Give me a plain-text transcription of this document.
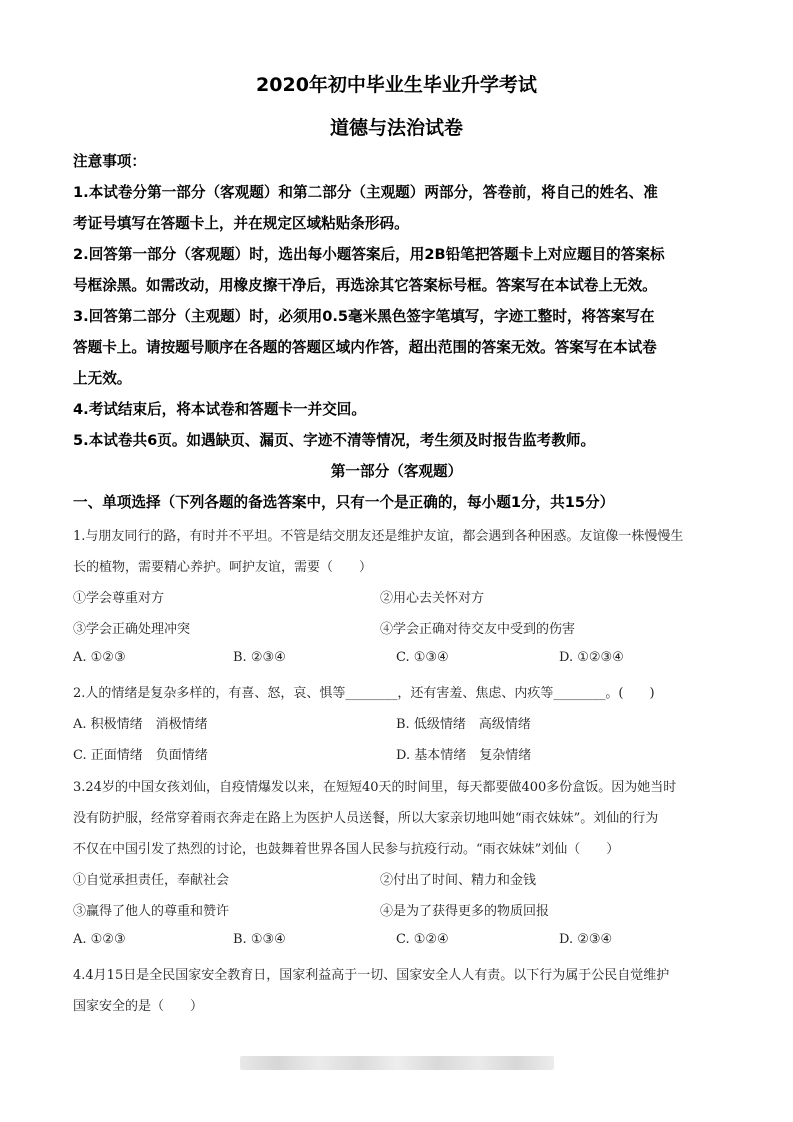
2020年初中毕业生毕业升学考试
道德与法治试卷
注意事项：
1.本试卷分第一部分（客观题）和第二部分（主观题）两部分，答卷前，将自己的姓名、准
考证号填写在答题卡上，并在规定区域粘贴条形码。
2.回答第一部分（客观题）时，选出每小题答案后，用2B铅笔把答题卡上对应题目的答案标
号框涂黑。如需改动，用橡皮擦干净后，再选涂其它答案标号框。答案写在本试卷上无效。
3.回答第二部分（主观题）时，必须用0.5毫米黑色签字笔填写，字迹工整时，将答案写在
答题卡上。请按题号顺序在各题的答题区域内作答，超出范围的答案无效。答案写在本试卷
上无效。
4.考试结束后，将本试卷和答题卡一并交回。
5.本试卷共6页。如遇缺页、漏页、字迹不清等情况，考生须及时报告监考教师。
第一部分（客观题）
一、单项选择（下列各题的备选答案中，只有一个是正确的，每小题1分，共15分）
1.与朋友同行的路，有时并不平坦。不管是结交朋友还是维护友谊，都会遇到各种困惑。友谊像一株慢慢生
长的植物，需要精心养护。呵护友谊，需要（　　）
①学会尊重对方	②用心去关怀对方
③学会正确处理冲突	④学会正确对待交友中受到的伤害
A. ①②③	B. ②③④	C. ①③④	D. ①②③④
2.人的情绪是复杂多样的，有喜、怒，哀、惧等________，还有害羞、焦虑、内疚等________。(　　)
A. 积极情绪　消极情绪	B. 低级情绪　高级情绪
C. 正面情绪　负面情绪	D. 基本情绪　复杂情绪
3.24岁的中国女孩刘仙，自疫情爆发以来，在短短40天的时间里，每天都要做400多份盒饭。因为她当时
没有防护服，经常穿着雨衣奔走在路上为医护人员送餐，所以大家亲切地叫她“雨衣妹妹”。刘仙的行为
不仅在中国引发了热烈的讨论，也鼓舞着世界各国人民参与抗疫行动。“雨衣妹妹”刘仙（　　）
①自觉承担责任，奉献社会	②付出了时间、精力和金钱
③赢得了他人的尊重和赞许	④是为了获得更多的物质回报
A. ①②③	B. ①③④	C. ①②④	D. ②③④
4.4月15日是全民国家安全教育日，国家利益高于一切、国家安全人人有责。以下行为属于公民自觉维护
国家安全的是（　　）
